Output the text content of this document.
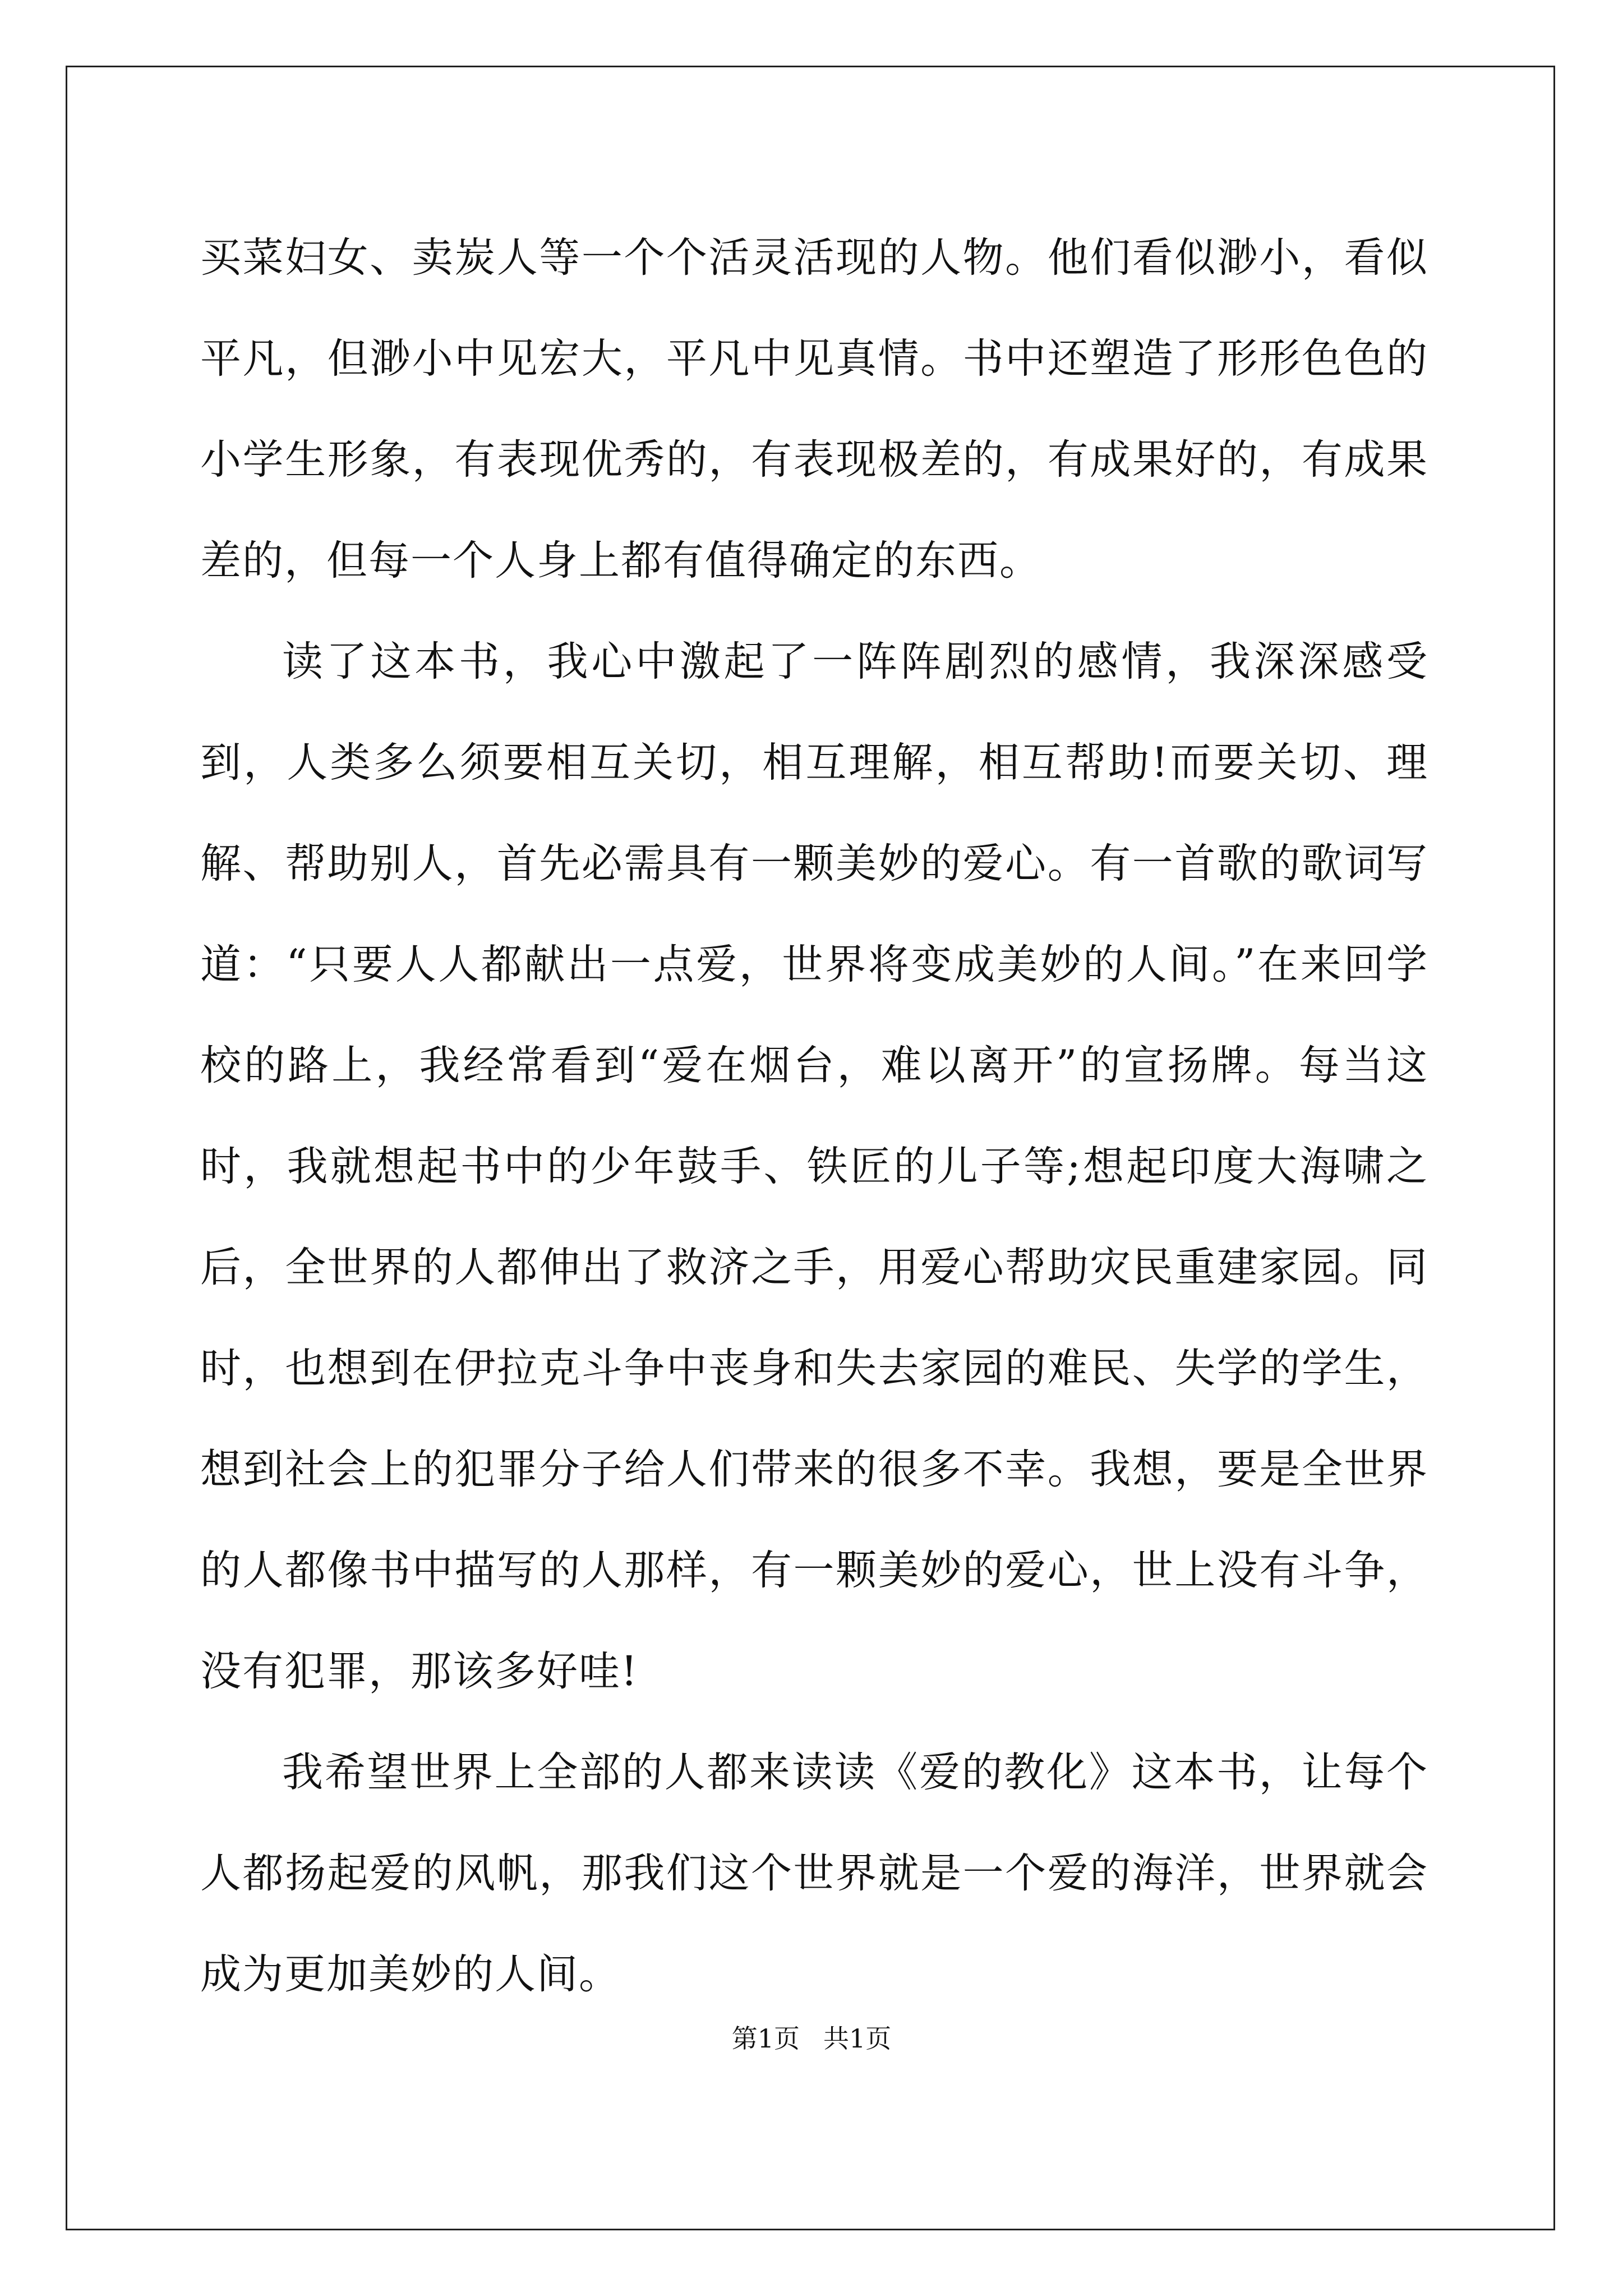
买菜妇女、卖炭人等一个个活灵活现的人物。他们看似渺小，看似平凡，但渺小中见宏大，平凡中见真情。书中还塑造了形形色色的小学生形象，有表现优秀的，有表现极差的，有成果好的，有成果差的，但每一个人身上都有值得确定的东西。

读了这本书，我心中激起了一阵阵剧烈的感情，我深深感受到，人类多么须要相互关切，相互理解，相互帮助!而要关切、理解、帮助别人，首先必需具有一颗美妙的爱心。有一首歌的歌词写道：“只要人人都献出一点爱，世界将变成美妙的人间。”在来回学校的路上，我经常看到“爱在烟台，难以离开”的宣扬牌。每当这时，我就想起书中的少年鼓手、铁匠的儿子等;想起印度大海啸之后，全世界的人都伸出了救济之手，用爱心帮助灾民重建家园。同时，也想到在伊拉克斗争中丧身和失去家园的难民、失学的学生，想到社会上的犯罪分子给人们带来的很多不幸。我想，要是全世界的人都像书中描写的人那样，有一颗美妙的爱心，世上没有斗争，没有犯罪，那该多好哇!

我希望世界上全部的人都来读读《爱的教化》这本书，让每个人都扬起爱的风帆，那我们这个世界就是一个爱的海洋，世界就会成为更加美妙的人间。

第1页 共1页
